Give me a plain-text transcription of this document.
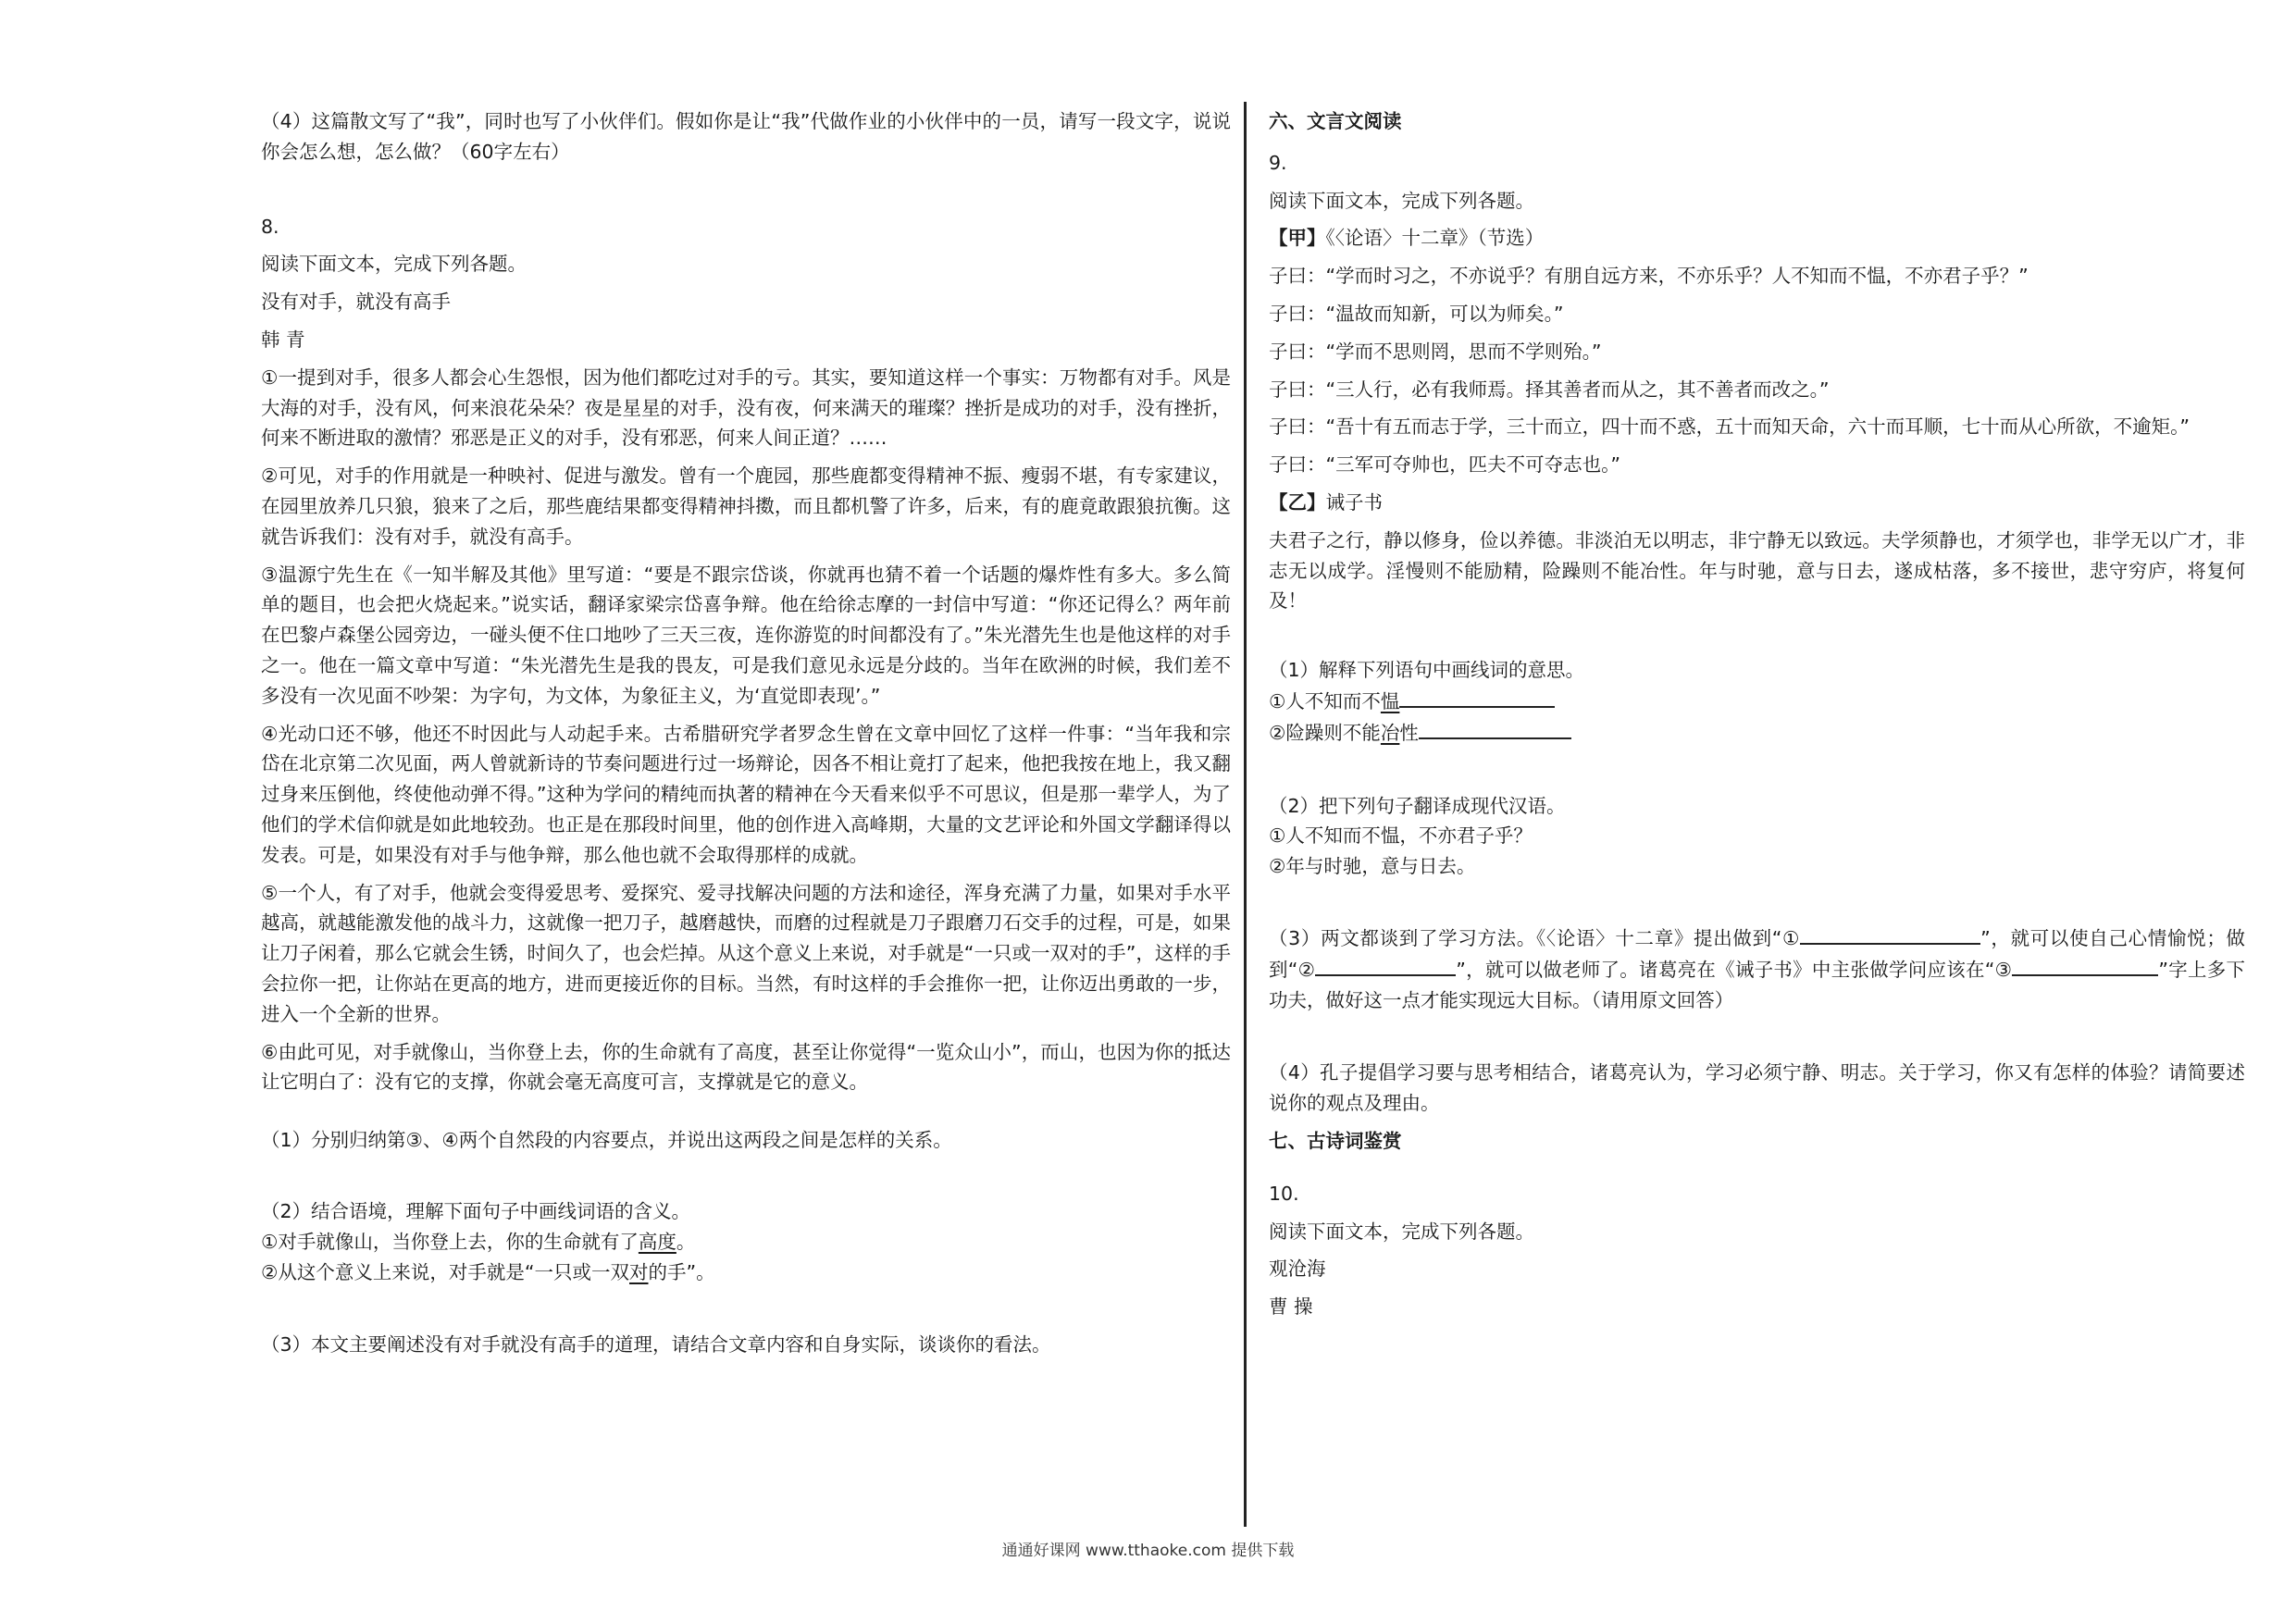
（4）这篇散文写了“我”，同时也写了小伙伴们。假如你是让“我”代做作业的小伙伴中的一员，请写一段文字，说说你会怎么想，怎么做？（60字左右）

8.

阅读下面文本，完成下列各题。

没有对手，就没有高手

韩 青

①一提到对手，很多人都会心生怨恨，因为他们都吃过对手的亏。其实，要知道这样一个事实：万物都有对手。风是大海的对手，没有风，何来浪花朵朵？夜是星星的对手，没有夜，何来满天的璀璨？挫折是成功的对手，没有挫折，何来不断进取的激情？邪恶是正义的对手，没有邪恶，何来人间正道？……

②可见，对手的作用就是一种映衬、促进与激发。曾有一个鹿园，那些鹿都变得精神不振、瘦弱不堪，有专家建议，在园里放养几只狼，狼来了之后，那些鹿结果都变得精神抖擞，而且都机警了许多，后来，有的鹿竟敢跟狼抗衡。这就告诉我们：没有对手，就没有高手。

③温源宁先生在《一知半解及其他》里写道：“要是不跟宗岱谈，你就再也猜不着一个话题的爆炸性有多大。多么简单的题目，也会把火烧起来。”说实话，翻译家梁宗岱喜争辩。他在给徐志摩的一封信中写道：“你还记得么？两年前在巴黎卢森堡公园旁边，一碰头便不住口地吵了三天三夜，连你游览的时间都没有了。”朱光潜先生也是他这样的对手之一。他在一篇文章中写道：“朱光潜先生是我的畏友，可是我们意见永远是分歧的。当年在欧洲的时候，我们差不多没有一次见面不吵架：为字句，为文体，为象征主义，为‘直觉即表现’。”

④光动口还不够，他还不时因此与人动起手来。古希腊研究学者罗念生曾在文章中回忆了这样一件事：“当年我和宗岱在北京第二次见面，两人曾就新诗的节奏问题进行过一场辩论，因各不相让竟打了起来，他把我按在地上，我又翻过身来压倒他，终使他动弹不得。”这种为学问的精纯而执著的精神在今天看来似乎不可思议，但是那一辈学人，为了他们的学术信仰就是如此地较劲。也正是在那段时间里，他的创作进入高峰期，大量的文艺评论和外国文学翻译得以发表。可是，如果没有对手与他争辩，那么他也就不会取得那样的成就。

⑤一个人，有了对手，他就会变得爱思考、爱探究、爱寻找解决问题的方法和途径，浑身充满了力量，如果对手水平越高，就越能激发他的战斗力，这就像一把刀子，越磨越快，而磨的过程就是刀子跟磨刀石交手的过程，可是，如果让刀子闲着，那么它就会生锈，时间久了，也会烂掉。从这个意义上来说，对手就是“一只或一双对的手”，这样的手会拉你一把，让你站在更高的地方，进而更接近你的目标。当然，有时这样的手会推你一把，让你迈出勇敢的一步，进入一个全新的世界。

⑥由此可见，对手就像山，当你登上去，你的生命就有了高度，甚至让你觉得“一览众山小”，而山，也因为你的抵达让它明白了：没有它的支撑，你就会毫无高度可言，支撑就是它的意义。

（1）分别归纳第③、④两个自然段的内容要点，并说出这两段之间是怎样的关系。

（2）结合语境，理解下面句子中画线词语的含义。

①对手就像山，当你登上去，你的生命就有了高度。

②从这个意义上来说，对手就是“一只或一双对的手”。

（3）本文主要阐述没有对手就没有高手的道理，请结合文章内容和自身实际，谈谈你的看法。

六、文言文阅读

9.

阅读下面文本，完成下列各题。

【甲】《〈论语〉十二章》（节选）

子曰：“学而时习之，不亦说乎？有朋自远方来，不亦乐乎？人不知而不愠，不亦君子乎？”

子曰：“温故而知新，可以为师矣。”

子曰：“学而不思则罔，思而不学则殆。”

子曰：“三人行，必有我师焉。择其善者而从之，其不善者而改之。”

子曰：“吾十有五而志于学，三十而立，四十而不惑，五十而知天命，六十而耳顺，七十而从心所欲，不逾矩。”

子曰：“三军可夺帅也，匹夫不可夺志也。”

【乙】诫子书

夫君子之行，静以修身，俭以养德。非淡泊无以明志，非宁静无以致远。夫学须静也，才须学也，非学无以广才，非志无以成学。淫慢则不能励精，险躁则不能冶性。年与时驰，意与日去，遂成枯落，多不接世，悲守穷庐，将复何及！

（1）解释下列语句中画线词的意思。

①人不知而不愠

②险躁则不能冶性

（2）把下列句子翻译成现代汉语。

①人不知而不愠，不亦君子乎？

②年与时驰，意与日去。

（3）两文都谈到了学习方法。《〈论语〉十二章》提出做到“①	”，就可以使自己心情愉悦；做到“②	”，就可以做老师了。诸葛亮在《诫子书》中主张做学问应该在“③	”字上多下功夫，做好这一点才能实现远大目标。（请用原文回答）

（4）孔子提倡学习要与思考相结合，诸葛亮认为，学习必须宁静、明志。关于学习，你又有怎样的体验？请简要述说你的观点及理由。

七、古诗词鉴赏

10.

阅读下面文本，完成下列各题。

观沧海

曹 操

通通好课网 www.tthaoke.com 提供下载
